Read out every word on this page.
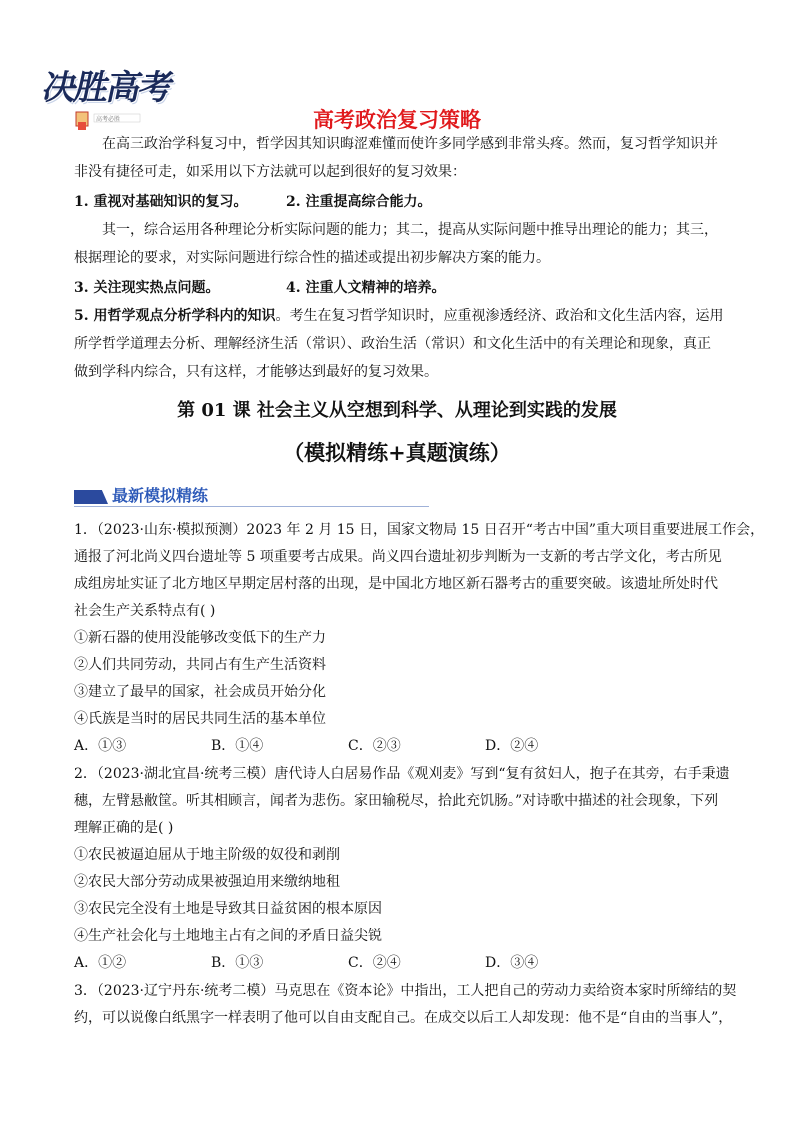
决胜高考
高考必胜	高考政治复习策略
在高三政治学科复习中，哲学因其知识晦涩难懂而使许多同学感到非常头疼。然而，复习哲学知识并非没有捷径可走，如采用以下方法就可以起到很好的复习效果：
1. 重视对基础知识的复习。	2. 注重提高综合能力。
其一，综合运用各种理论分析实际问题的能力；其二，提高从实际问题中推导出理论的能力；其三，根据理论的要求，对实际问题进行综合性的描述或提出初步解决方案的能力。
3. 关注现实热点问题。	4. 注重人文精神的培养。
5. 用哲学观点分析学科内的知识。考生在复习哲学知识时，应重视渗透经济、政治和文化生活内容，运用所学哲学道理去分析、理解经济生活（常识）、政治生活（常识）和文化生活中的有关理论和现象，真正做到学科内综合，只有这样，才能够达到最好的复习效果。
第 01 课 社会主义从空想到科学、从理论到实践的发展
（模拟精练+真题演练）
最新模拟精练
1．（2023·山东·模拟预测）2023 年 2 月 15 日，国家文物局 15 日召开“考古中国”重大项目重要进展工作会，
通报了河北尚义四台遗址等 5 项重要考古成果。尚义四台遗址初步判断为一支新的考古学文化，考古所见
成组房址实证了北方地区早期定居村落的出现，是中国北方地区新石器考古的重要突破。该遗址所处时代
社会生产关系特点有( )
①新石器的使用没能够改变低下的生产力
②人们共同劳动，共同占有生产生活资料
③建立了最早的国家，社会成员开始分化
④氏族是当时的居民共同生活的基本单位
A．①③	B．①④	C．②③	D．②④
2．（2023·湖北宜昌·统考三模）唐代诗人白居易作品《观刈麦》写到“复有贫妇人，抱子在其旁，右手秉遗
穗，左臂悬敝筐。听其相顾言，闻者为悲伤。家田输税尽，拾此充饥肠。”对诗歌中描述的社会现象，下列
理解正确的是( )
①农民被逼迫屈从于地主阶级的奴役和剥削
②农民大部分劳动成果被强迫用来缴纳地租
③农民完全没有土地是导致其日益贫困的根本原因
④生产社会化与土地地主占有之间的矛盾日益尖锐
A．①②	B．①③	C．②④	D．③④
3．（2023·辽宁丹东·统考二模）马克思在《资本论》中指出，工人把自己的劳动力卖给资本家时所缔结的契
约，可以说像白纸黑字一样表明了他可以自由支配自己。在成交以后工人却发现：他不是“自由的当事人”，
